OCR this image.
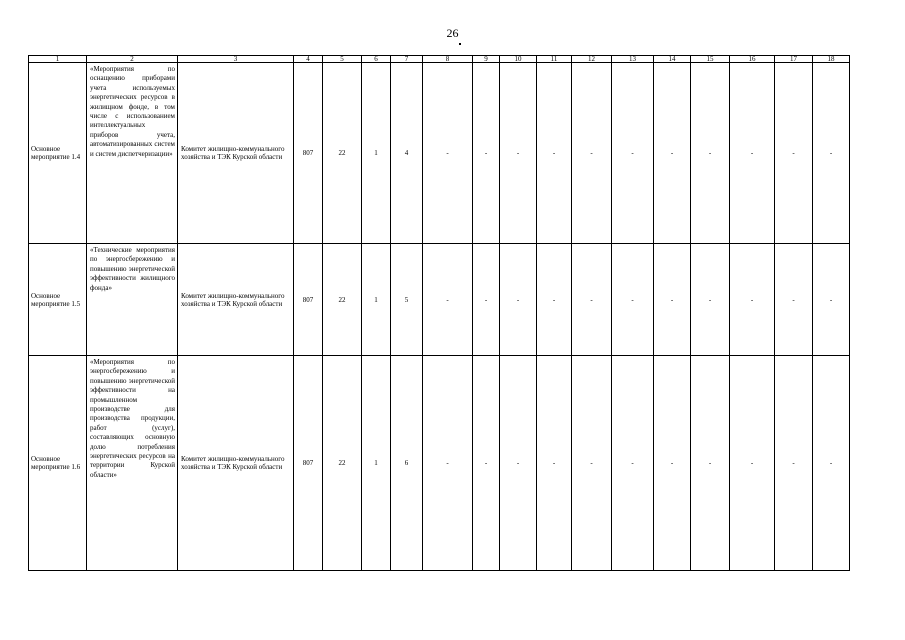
26
1	2	3	4	5	6	7	8	9	10	11	12	13	14	15	16	17	18
Основное мероприятие 1.4	«Мероприятия по оснащению приборами учета используемых энергетических ресурсов в жилищном фонде, в том числе с использованием интеллектуальных приборов учета, автоматизированных систем и систем диспетчеризации»	Комитет жилищно-коммунального хозяйства и ТЭК Курской области	807	22	1	4	-	-	-	-	-	-	-	-	-	-	-
Основное мероприятие 1.5	«Технические мероприятия по энергосбережению и повышению энергетической эффективности жилищного фонда»	Комитет жилищно-коммунального хозяйства и ТЭК Курской области	807	22	1	5	-	-	-	-	-	-	-	-	-	-	-
Основное мероприятие 1.6	«Мероприятия по энергосбережению и повышению энергетической эффективности на промышленном производстве для производства продукции, работ (услуг), составляющих основную долю потребления энергетических ресурсов на территории Курской области»	Комитет жилищно-коммунального хозяйства и ТЭК Курской области	807	22	1	6	-	-	-	-	-	-	-	-	-	-	-
